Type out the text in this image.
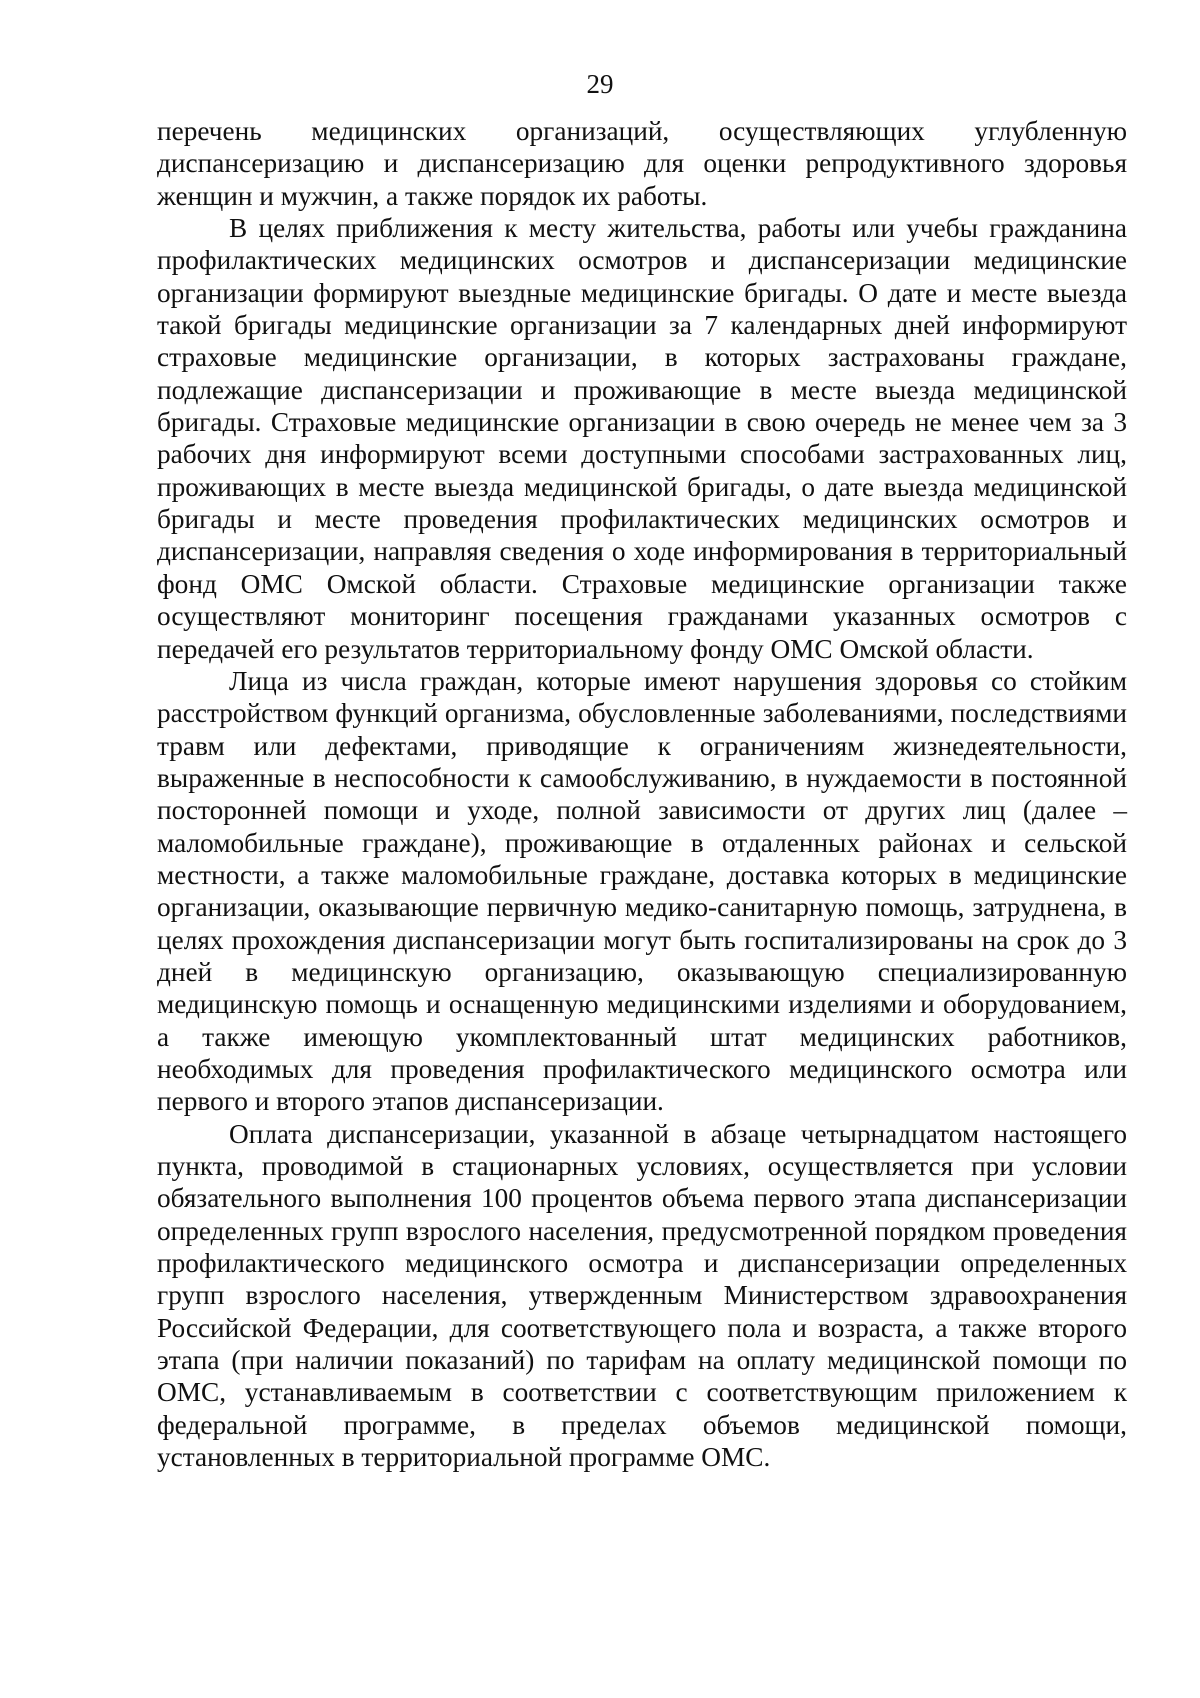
29

перечень медицинских организаций, осуществляющих углубленную диспансеризацию и диспансеризацию для оценки репродуктивного здоровья женщин и мужчин, а также порядок их работы.

В целях приближения к месту жительства, работы или учебы гражданина профилактических медицинских осмотров и диспансеризации медицинские организации формируют выездные медицинские бригады. О дате и месте выезда такой бригады медицинские организации за 7 календарных дней информируют страховые медицинские организации, в которых застрахованы граждане, подлежащие диспансеризации и проживающие в месте выезда медицинской бригады. Страховые медицинские организации в свою очередь не менее чем за 3 рабочих дня информируют всеми доступными способами застрахованных лиц, проживающих в месте выезда медицинской бригады, о дате выезда медицинской бригады и месте проведения профилактических медицинских осмотров и диспансеризации, направляя сведения о ходе информирования в территориальный фонд ОМС Омской области. Страховые медицинские организации также осуществляют мониторинг посещения гражданами указанных осмотров с передачей его результатов территориальному фонду ОМС Омской области.

Лица из числа граждан, которые имеют нарушения здоровья со стойким расстройством функций организма, обусловленные заболеваниями, последствиями травм или дефектами, приводящие к ограничениям жизнедеятельности, выраженные в неспособности к самообслуживанию, в нуждаемости в постоянной посторонней помощи и уходе, полной зависимости от других лиц (далее – маломобильные граждане), проживающие в отдаленных районах и сельской местности, а также маломобильные граждане, доставка которых в медицинские организации, оказывающие первичную медико-санитарную помощь, затруднена, в целях прохождения диспансеризации могут быть госпитализированы на срок до 3 дней в медицинскую организацию, оказывающую специализированную медицинскую помощь и оснащенную медицинскими изделиями и оборудованием, а также имеющую укомплектованный штат медицинских работников, необходимых для проведения профилактического медицинского осмотра или первого и второго этапов диспансеризации.

Оплата диспансеризации, указанной в абзаце четырнадцатом настоящего пункта, проводимой в стационарных условиях, осуществляется при условии обязательного выполнения 100 процентов объема первого этапа диспансеризации определенных групп взрослого населения, предусмотренной порядком проведения профилактического медицинского осмотра и диспансеризации определенных групп взрослого населения, утвержденным Министерством здравоохранения Российской Федерации, для соответствующего пола и возраста, а также второго этапа (при наличии показаний) по тарифам на оплату медицинской помощи по ОМС, устанавливаемым в соответствии с соответствующим приложением к федеральной программе, в пределах объемов медицинской помощи, установленных в территориальной программе ОМС.
